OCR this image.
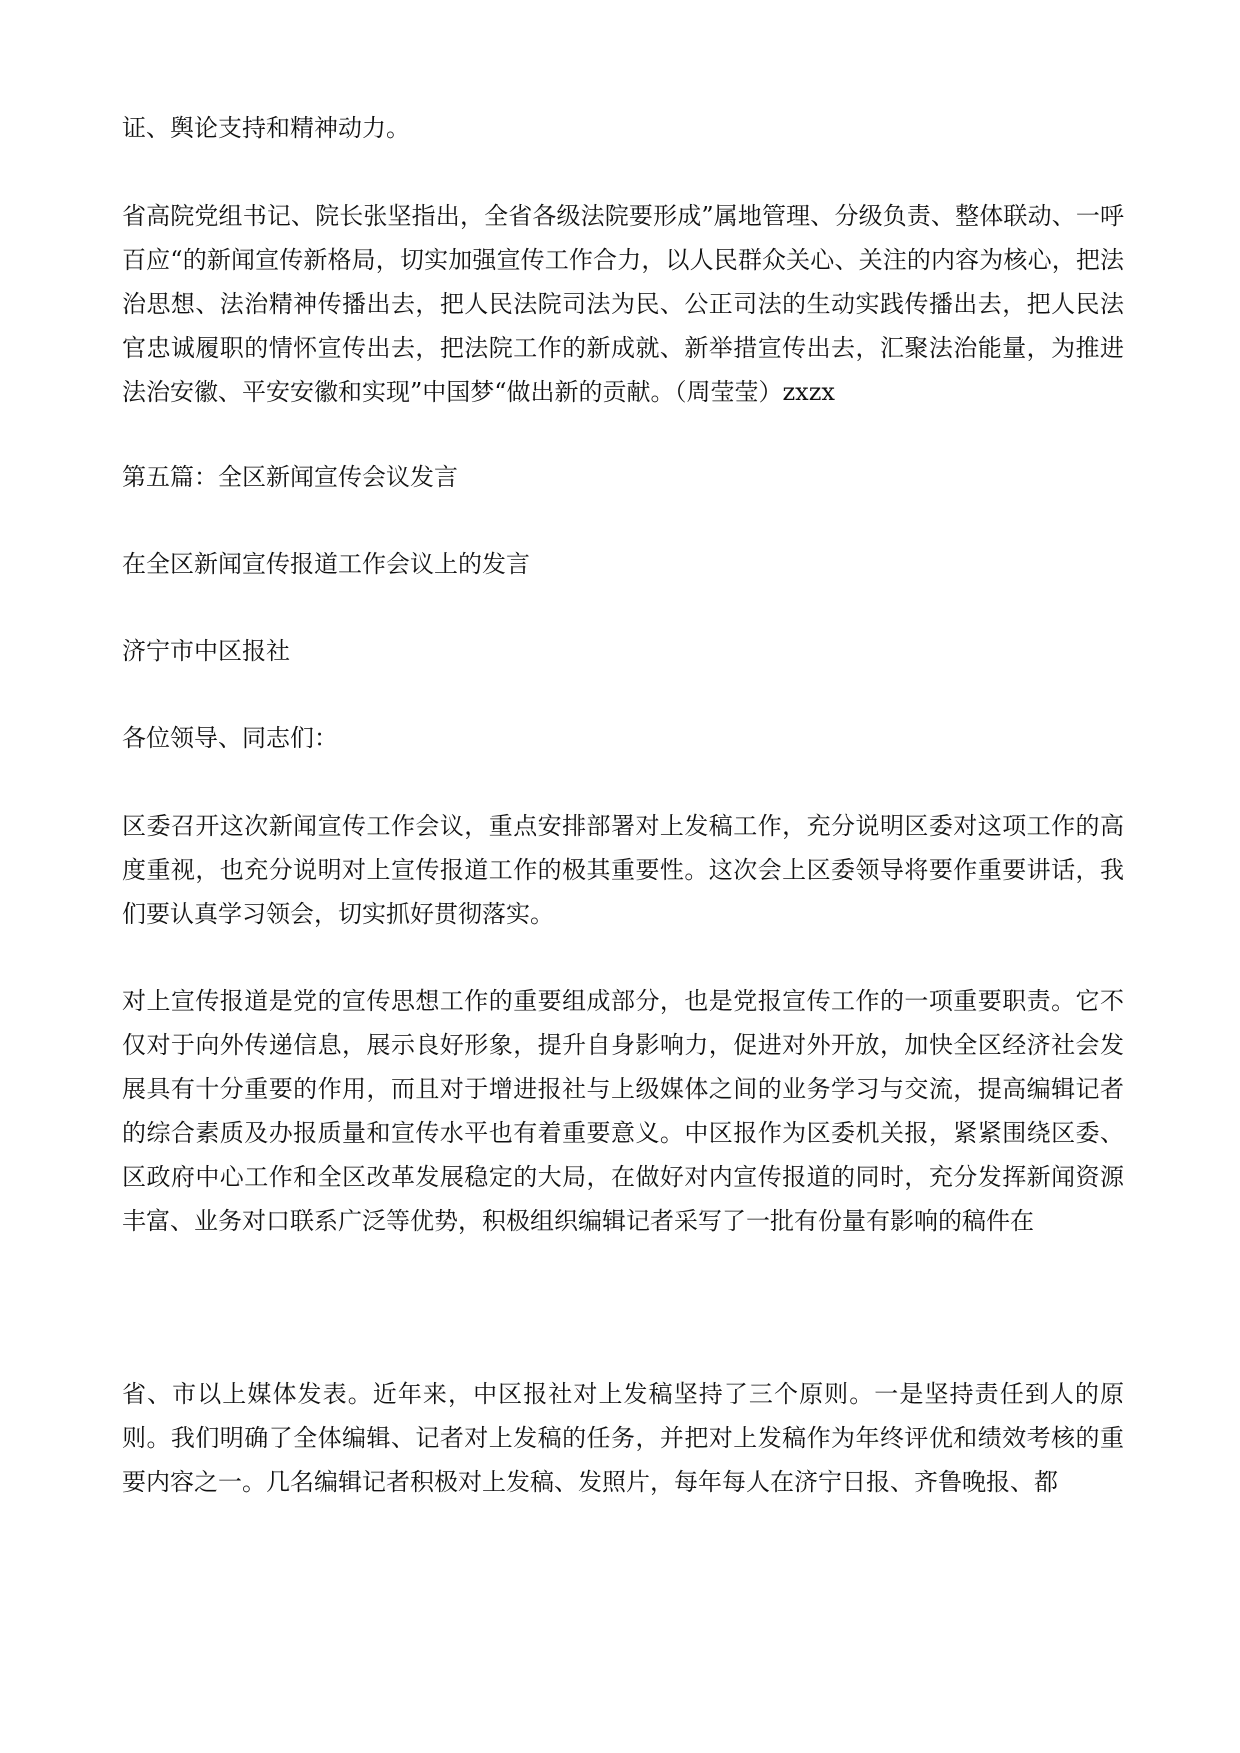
证、舆论支持和精神动力。

省高院党组书记、院长张坚指出，全省各级法院要形成”属地管理、分级负责、整体联动、一呼百应“的新闻宣传新格局，切实加强宣传工作合力，以人民群众关心、关注的内容为核心，把法治思想、法治精神传播出去，把人民法院司法为民、公正司法的生动实践传播出去，把人民法官忠诚履职的情怀宣传出去，把法院工作的新成就、新举措宣传出去，汇聚法治能量，为推进法治安徽、平安安徽和实现”中国梦“做出新的贡献。（周莹莹）zxzx

第五篇：全区新闻宣传会议发言

在全区新闻宣传报道工作会议上的发言

济宁市中区报社

各位领导、同志们：

区委召开这次新闻宣传工作会议，重点安排部署对上发稿工作，充分说明区委对这项工作的高度重视，也充分说明对上宣传报道工作的极其重要性。这次会上区委领导将要作重要讲话，我们要认真学习领会，切实抓好贯彻落实。

对上宣传报道是党的宣传思想工作的重要组成部分，也是党报宣传工作的一项重要职责。它不仅对于向外传递信息，展示良好形象，提升自身影响力，促进对外开放，加快全区经济社会发展具有十分重要的作用，而且对于增进报社与上级媒体之间的业务学习与交流，提高编辑记者的综合素质及办报质量和宣传水平也有着重要意义。中区报作为区委机关报，紧紧围绕区委、区政府中心工作和全区改革发展稳定的大局，在做好对内宣传报道的同时，充分发挥新闻资源丰富、业务对口联系广泛等优势，积极组织编辑记者采写了一批有份量有影响的稿件在

省、市以上媒体发表。近年来，中区报社对上发稿坚持了三个原则。一是坚持责任到人的原则。我们明确了全体编辑、记者对上发稿的任务，并把对上发稿作为年终评优和绩效考核的重要内容之一。几名编辑记者积极对上发稿、发照片，每年每人在济宁日报、齐鲁晚报、都
